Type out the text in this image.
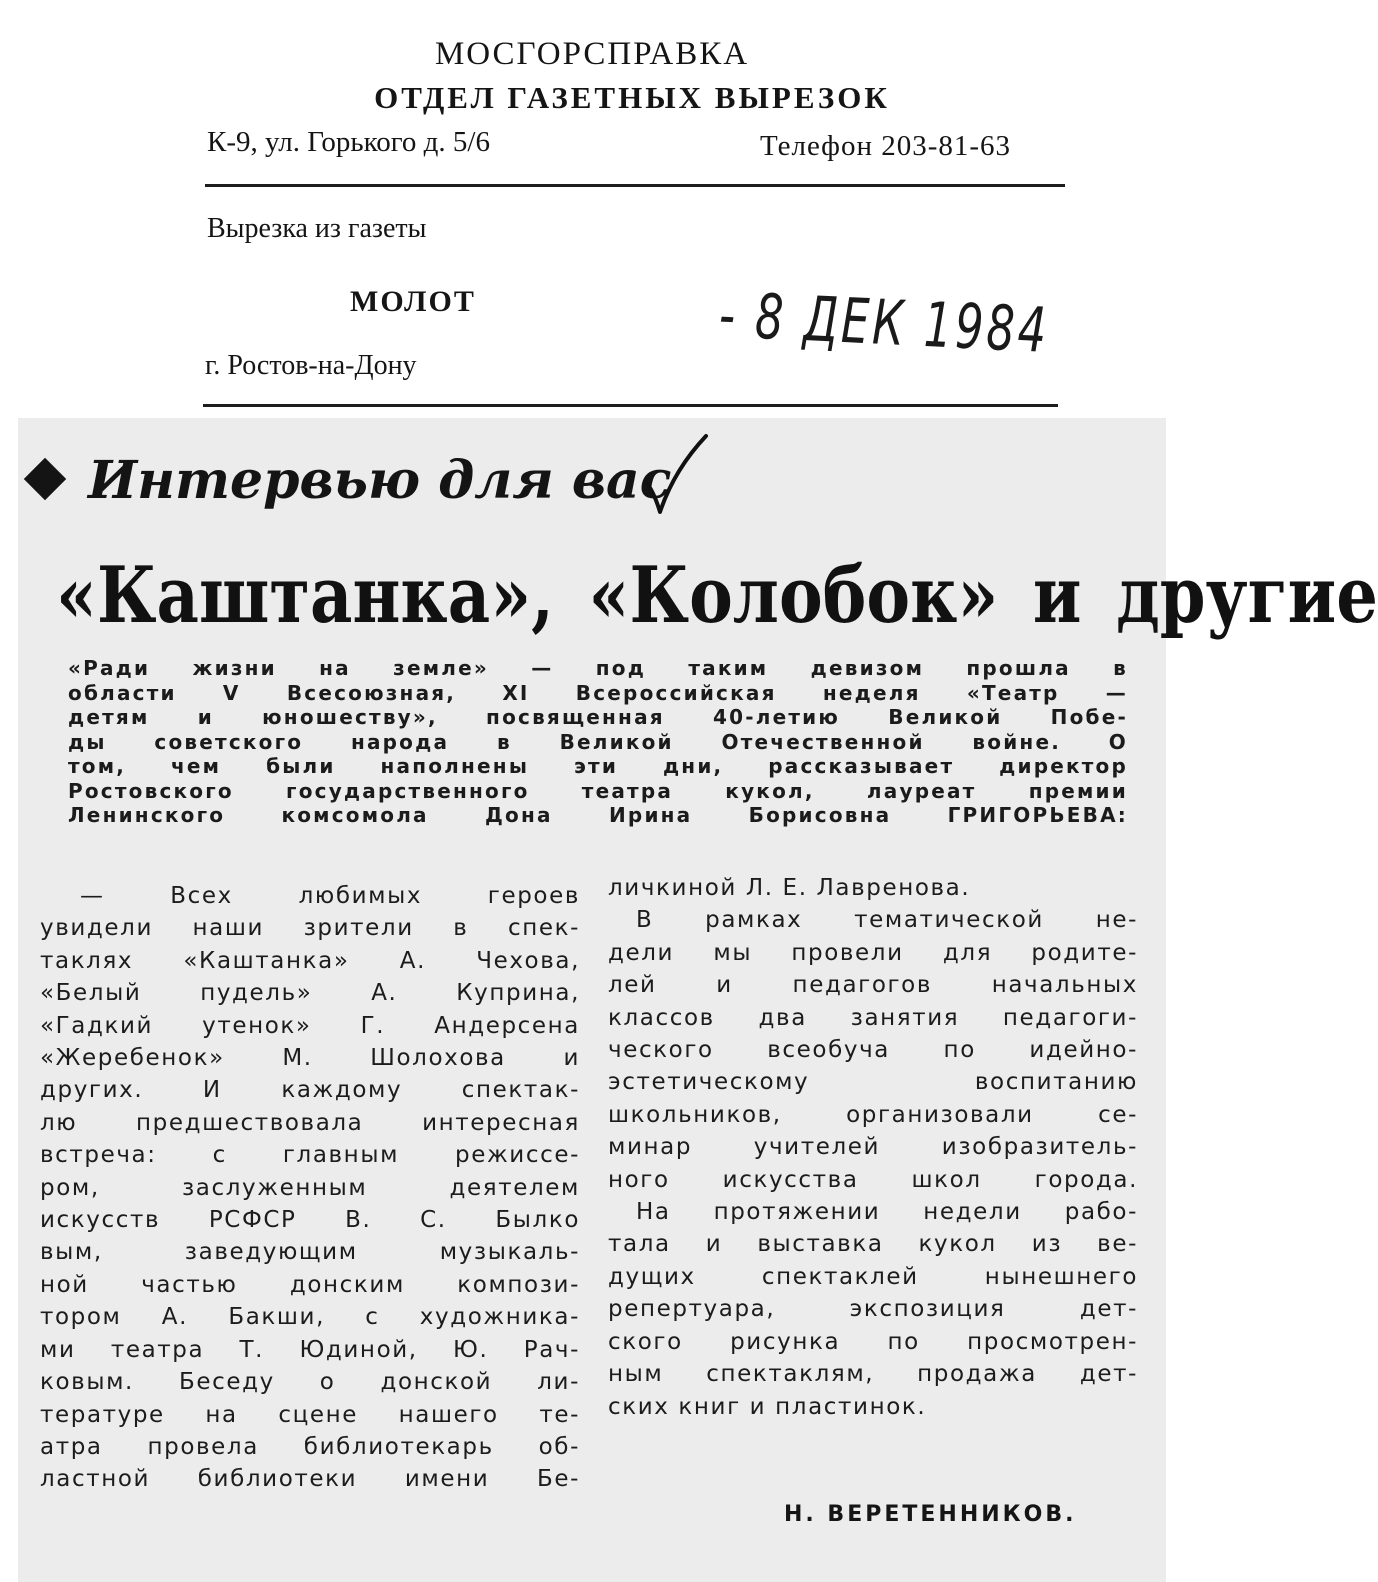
МОСГОРСПРАВКА
ОТДЕЛ ГАЗЕТНЫХ ВЫРЕЗОК
К-9, ул. Горького д. 5/6	Телефон 203-81-63
Вырезка из газеты
МОЛОТ
г. Ростов-на-Дону	- 8 ДЕК 1984
Интервью для вас
«Каштанка», «Колобок» и другие
«Ради жизни на земле» — под таким девизом прошла в
области V Всесоюзная, XI Всероссийская неделя «Театр —
детям и юношеству», посвященная 40-летию Великой Побе-
ды советского народа в Великой Отечественной войне. О
том, чем были наполнены эти дни, рассказывает директор
Ростовского государственного театра кукол, лауреат премии
Ленинского комсомола Дона Ирина Борисовна ГРИГОРЬЕВА:
— Всех любимых героев
увидели наши зрители в спек-
таклях «Каштанка» А. Чехова,
«Белый пудель» А. Куприна,
«Гадкий утенок» Г. Андерсена
«Жеребенок» М. Шолохова и
других. И каждому спектак-
лю предшествовала интересная
встреча: с главным режиссе-
ром, заслуженным деятелем
искусств РСФСР В. С. Былко
вым, заведующим музыкаль-
ной частью донским компози-
тором А. Бакши, с художника-
ми театра Т. Юдиной, Ю. Рач-
ковым. Беседу о донской ли-
тературе на сцене нашего те-
атра провела библиотекарь об-
ластной библиотеки имени Бе-
личкиной Л. Е. Лавренова.
В рамках тематической не-
дели мы провели для родите-
лей и педагогов начальных
классов два занятия педагоги-
ческого всеобуча по идейно-
эстетическому воспитанию
школьников, организовали се-
минар учителей изобразитель-
ного искусства школ города.
На протяжении недели рабо-
тала и выставка кукол из ве-
дущих спектаклей нынешнего
репертуара, экспозиция дет-
ского рисунка по просмотрен-
ным спектаклям, продажа дет-
ских книг и пластинок.
Н. ВЕРЕТЕННИКОВ.
